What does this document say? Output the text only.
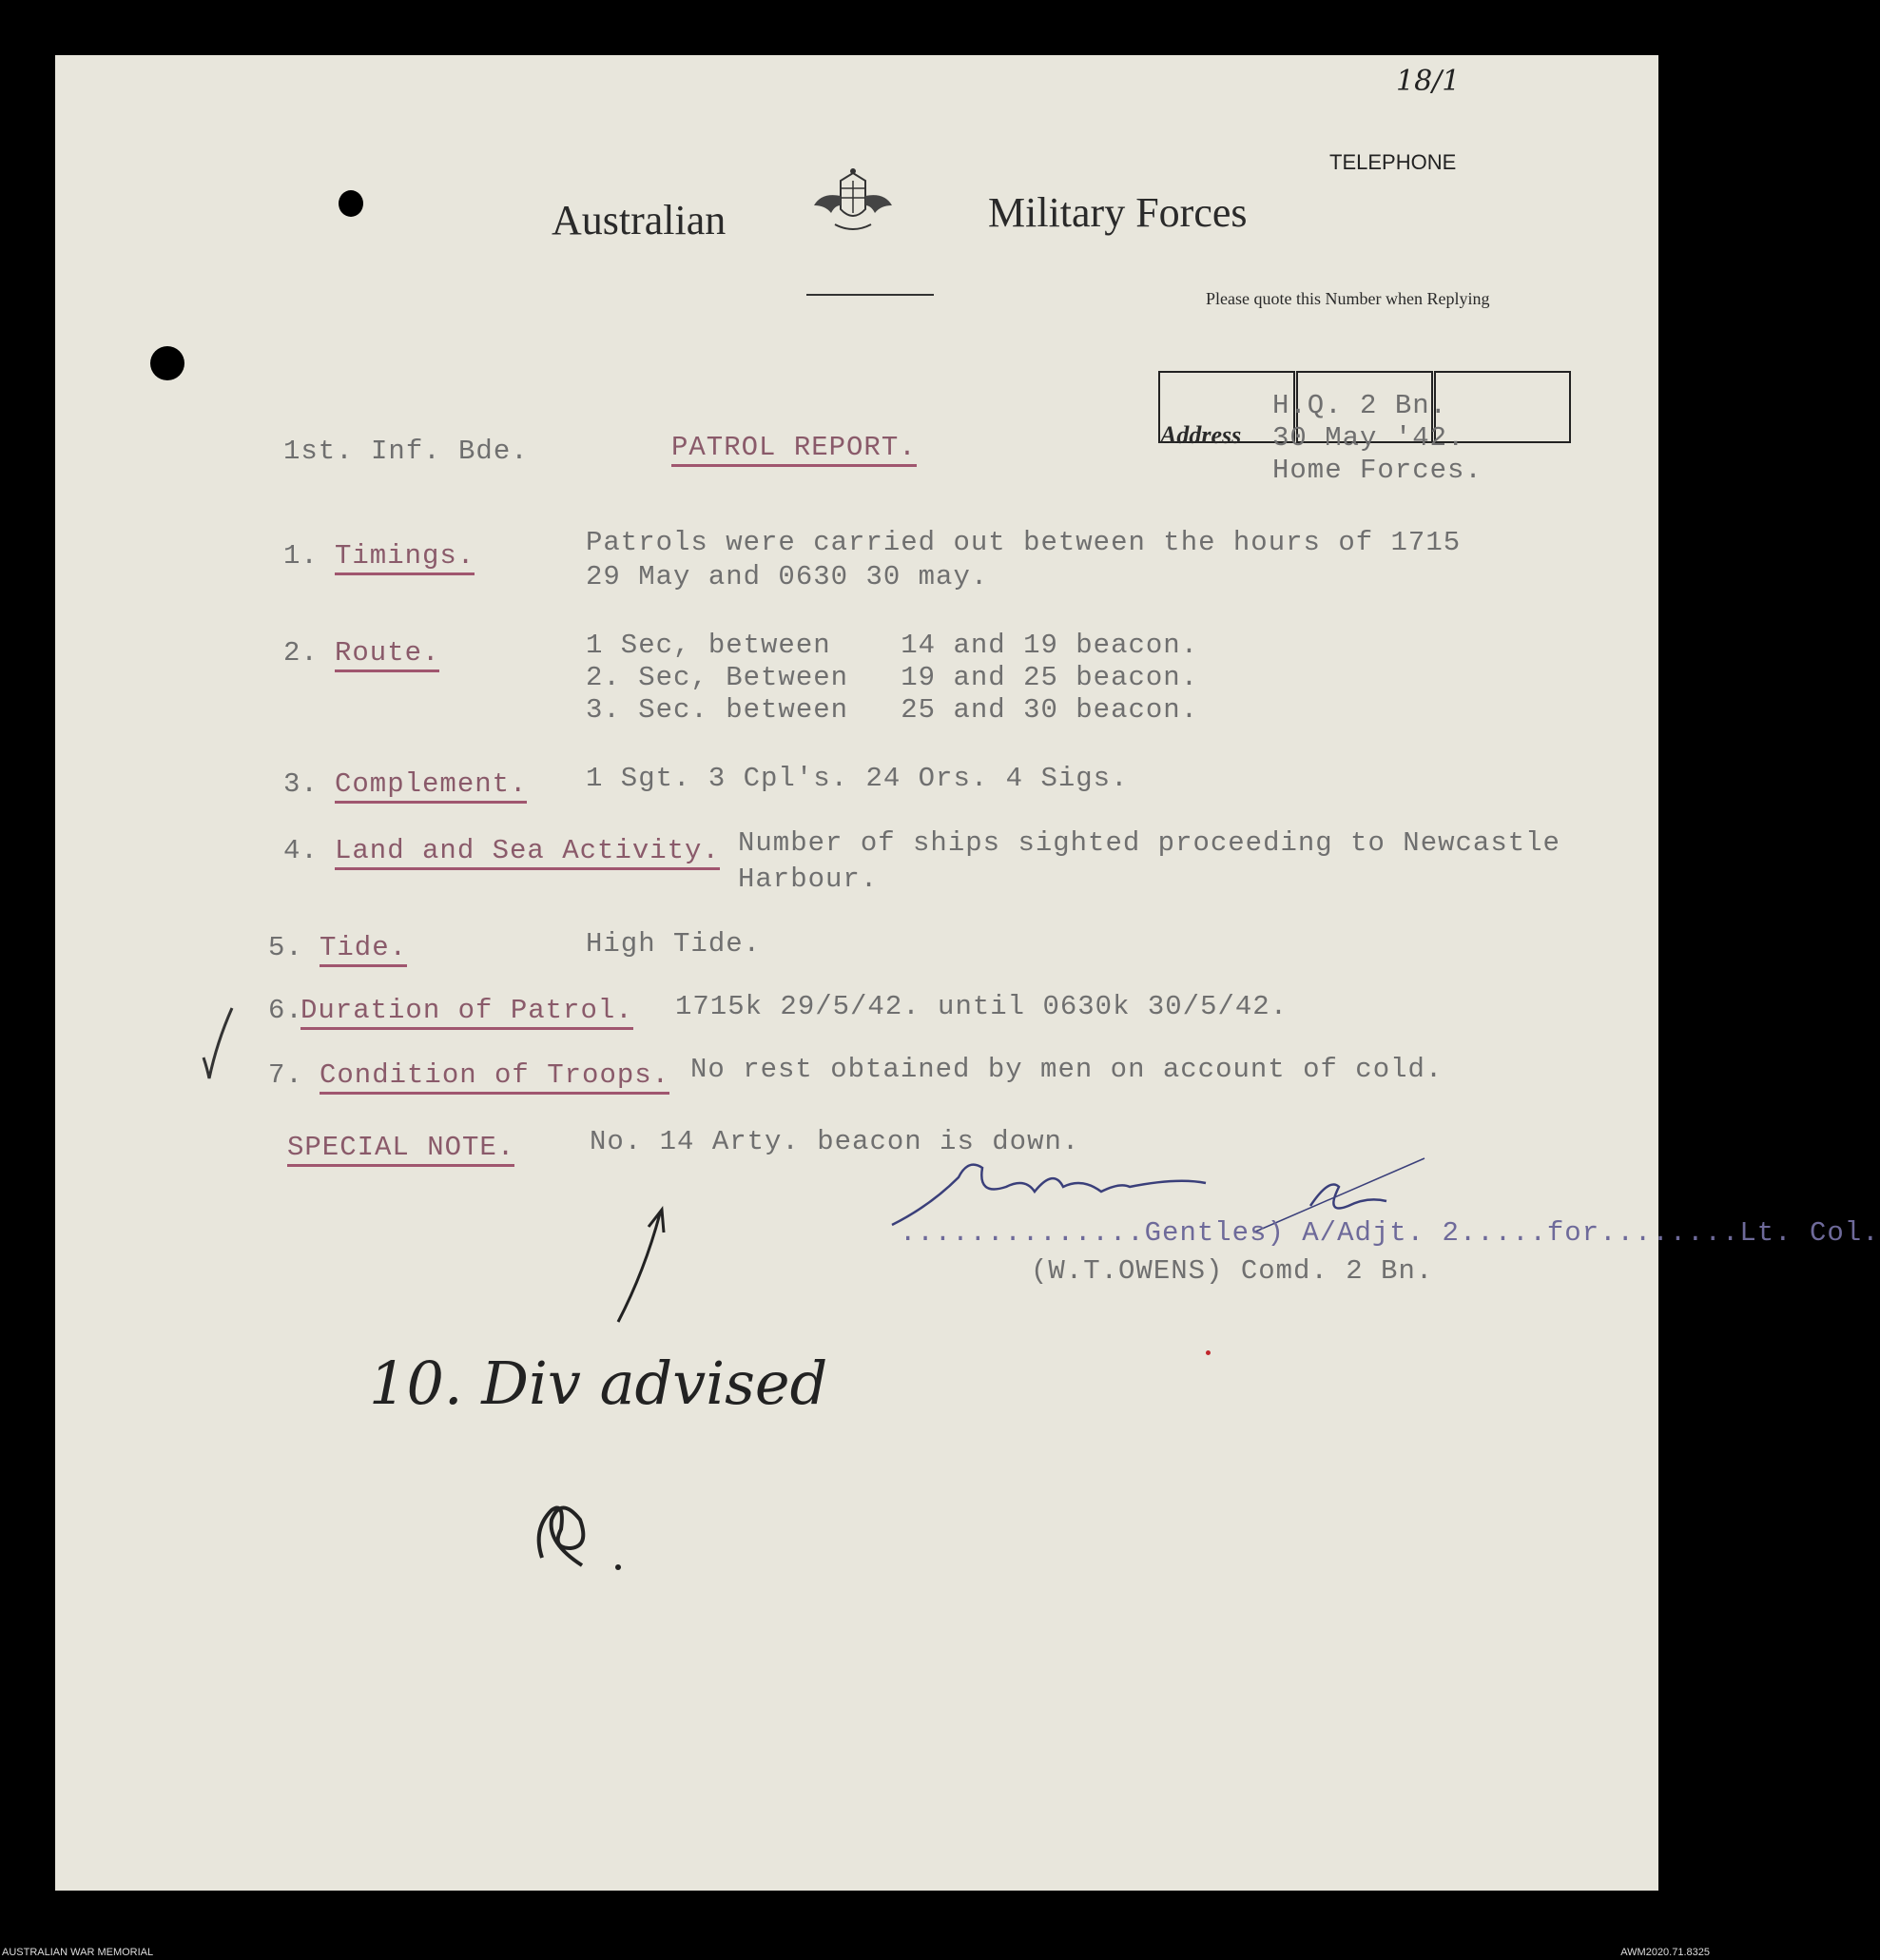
18/1
Australian	Military Forces
TELEPHONE
Please quote this Number when Replying
Address
H.Q. 2 Bn.
30 May '42.
Home Forces.
1st. Inf. Bde.	PATROL REPORT.
1. Timings.	Patrols were carried out between the hours of 1715
29 May and 0630 30 may.
2. Route.	1 Sec, between    14 and 19 beacon.
2. Sec, Between   19 and 25 beacon.
3. Sec. between   25 and 30 beacon.
3. Complement. 1 Sgt. 3 Cpl's. 24 Ors. 4 Sigs.
4. Land and Sea Activity. Number of ships sighted proceeding to Newcastle
Harbour.
5. Tide.	High Tide.
6.
Duration of Patrol. 1715k 29/5/42. until 0630k 30/5/42.
7. Condition of Troops. No rest obtained by men on account of cold.
SPECIAL NOTE.	No. 14 Arty. beacon is down.
..............Gentles) A/Adjt. 2.....for........Lt. Col.
(W.T.OWENS) Comd. 2 Bn.
10. Div advised
AUSTRALIAN WAR MEMORIAL	AWM2020.71.8325
